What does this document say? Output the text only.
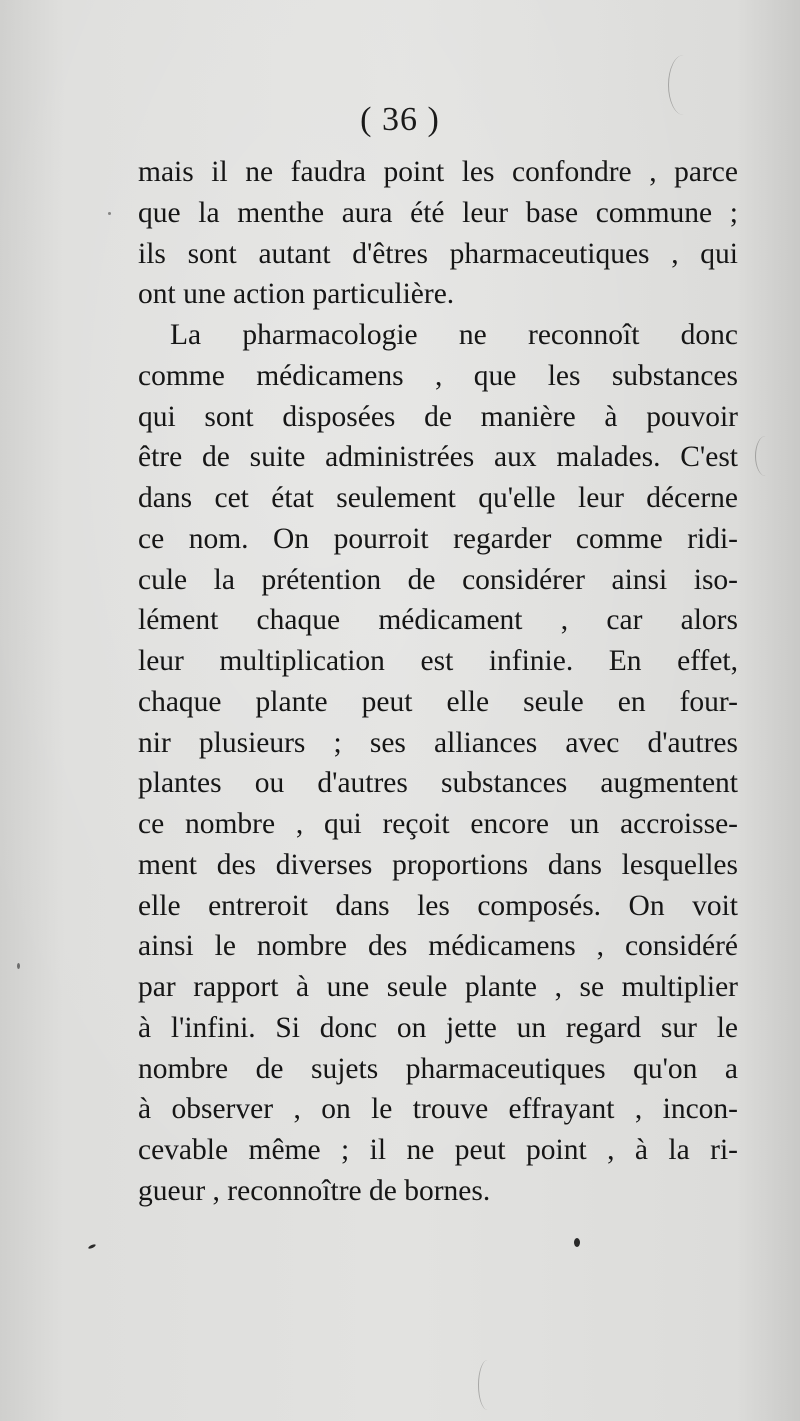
( 36 )
mais il ne faudra point les confondre , parce
que la menthe aura été leur base commune ;
ils sont autant d'êtres pharmaceutiques , qui
ont une action particulière.
La pharmacologie ne reconnoît donc
comme médicamens , que les substances
qui sont disposées de manière à pouvoir
être de suite administrées aux malades. C'est
dans cet état seulement qu'elle leur décerne
ce nom. On pourroit regarder comme ridi-
cule la prétention de considérer ainsi iso-
lément chaque médicament , car alors
leur multiplication est infinie. En effet,
chaque plante peut elle seule en four-
nir plusieurs ; ses alliances avec d'autres
plantes ou d'autres substances augmentent
ce nombre , qui reçoit encore un accroisse-
ment des diverses proportions dans lesquelles
elle entreroit dans les composés. On voit
ainsi le nombre des médicamens , considéré
par rapport à une seule plante , se multiplier
à l'infini. Si donc on jette un regard sur le
nombre de sujets pharmaceutiques qu'on a
à observer , on le trouve effrayant , incon-
cevable même ; il ne peut point , à la ri-
gueur , reconnoître de bornes.
